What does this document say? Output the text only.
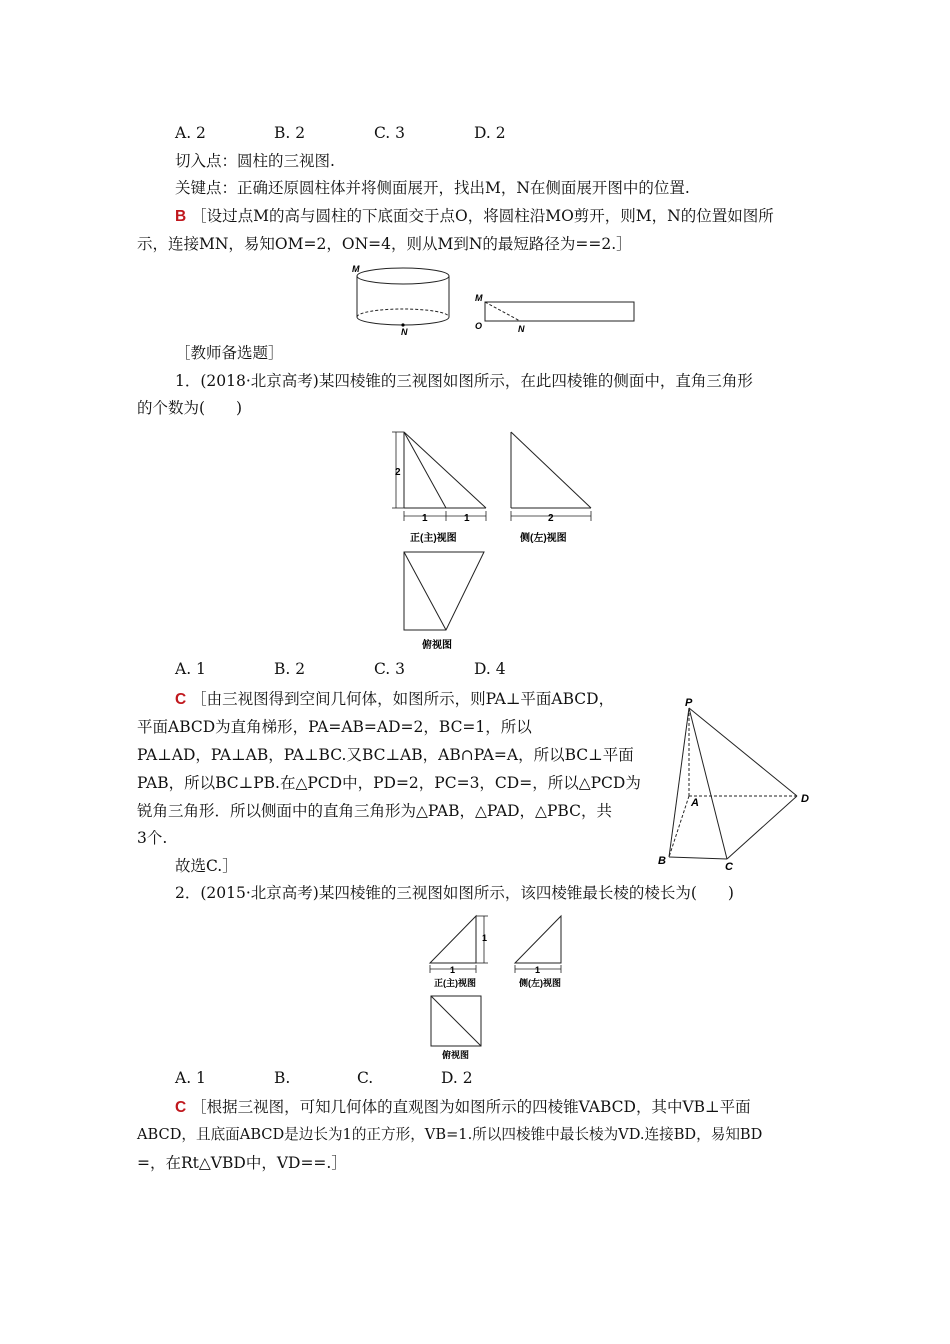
A. 2	B. 2	C. 3	D. 2
切入点：圆柱的三视图.
关键点：正确还原圆柱体并将侧面展开，找出M，N在侧面展开图中的位置.
B ［设过点M的高与圆柱的下底面交于点O，将圆柱沿MO剪开，则M，N的位置如图所
示，连接MN，易知OM=2，ON=4，则从M到N的最短路径为==2.］
M
N
M
O	N
［教师备选题］
1．(2018·北京高考)某四棱锥的三视图如图所示，在此四棱锥的侧面中，直角三角形
的个数为(　　)
2
1	1
正(主)视图
2
侧(左)视图
俯视图
A. 1	B. 2	C. 3	D. 4
C ［由三视图得到空间几何体，如图所示，则PA⊥平面ABCD，
平面ABCD为直角梯形，PA=AB=AD=2，BC=1，所以
PA⊥AD，PA⊥AB，PA⊥BC.又BC⊥AB，AB∩PA=A，所以BC⊥平面
PAB，所以BC⊥PB.在△PCD中，PD=2，PC=3，CD=，所以△PCD为
锐角三角形．所以侧面中的直角三角形为△PAB，△PAD，△PBC，共
3个.
故选C.］
P
A
B	C
D
2．(2015·北京高考)某四棱锥的三视图如图所示，该四棱锥最长棱的棱长为(　　)
1
1
正(主)视图
1
侧(左)视图
俯视图
A. 1	B.	C.	D. 2
C ［根据三视图，可知几何体的直观图为如图所示的四棱锥VABCD，其中VB⊥平面
ABCD，且底面ABCD是边长为1的正方形，VB=1.所以四棱锥中最长棱为VD.连接BD，易知BD
=，在Rt△VBD中，VD==.］
